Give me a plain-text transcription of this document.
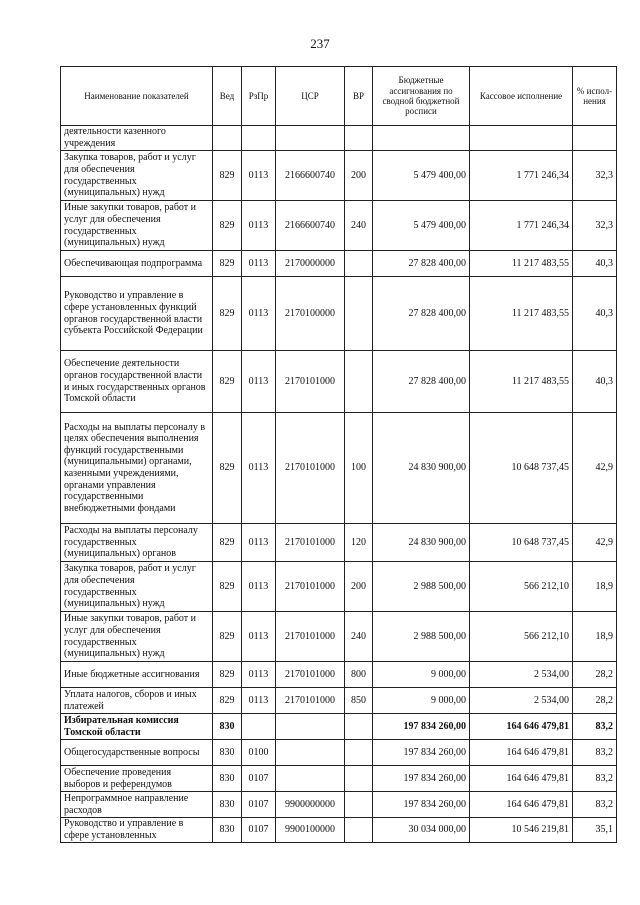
237
Наименование показателей	Вед	РзПр	ЦСР	ВР	Бюджетные ассигнования по сводной бюджетной росписи	Кассовое исполнение	% испол-нения
деятельности казенного учреждения							
Закупка товаров, работ и услуг для обеспечения государственных (муниципальных) нужд	829	0113	2166600740	200	5 479 400,00	1 771 246,34	32,3
Иные закупки товаров, работ и услуг для обеспечения государственных (муниципальных) нужд	829	0113	2166600740	240	5 479 400,00	1 771 246,34	32,3
Обеспечивающая подпрограмма	829	0113	2170000000		27 828 400,00	11 217 483,55	40,3
Руководство и управление в сфере установленных функций органов государственной власти субъекта Российской Федерации	829	0113	2170100000		27 828 400,00	11 217 483,55	40,3
Обеспечение деятельности органов государственной власти и иных государственных органов Томской области	829	0113	2170101000		27 828 400,00	11 217 483,55	40,3
Расходы на выплаты персоналу в целях обеспечения выполнения функций государственными (муниципальными) органами, казенными учреждениями, органами управления государственными внебюджетными фондами	829	0113	2170101000	100	24 830 900,00	10 648 737,45	42,9
Расходы на выплаты персоналу государственных (муниципальных) органов	829	0113	2170101000	120	24 830 900,00	10 648 737,45	42,9
Закупка товаров, работ и услуг для обеспечения государственных (муниципальных) нужд	829	0113	2170101000	200	2 988 500,00	566 212,10	18,9
Иные закупки товаров, работ и услуг для обеспечения государственных (муниципальных) нужд	829	0113	2170101000	240	2 988 500,00	566 212,10	18,9
Иные бюджетные ассигнования	829	0113	2170101000	800	9 000,00	2 534,00	28,2
Уплата налогов, сборов и иных платежей	829	0113	2170101000	850	9 000,00	2 534,00	28,2
Избирательная комиссия Томской области	830				197 834 260,00	164 646 479,81	83,2
Общегосударственные вопросы	830	0100			197 834 260,00	164 646 479,81	83,2
Обеспечение проведения выборов и референдумов	830	0107			197 834 260,00	164 646 479,81	83,2
Непрограммное направление расходов	830	0107	9900000000		197 834 260,00	164 646 479,81	83,2
Руководство и управление в сфере установленных	830	0107	9900100000		30 034 000,00	10 546 219,81	35,1
